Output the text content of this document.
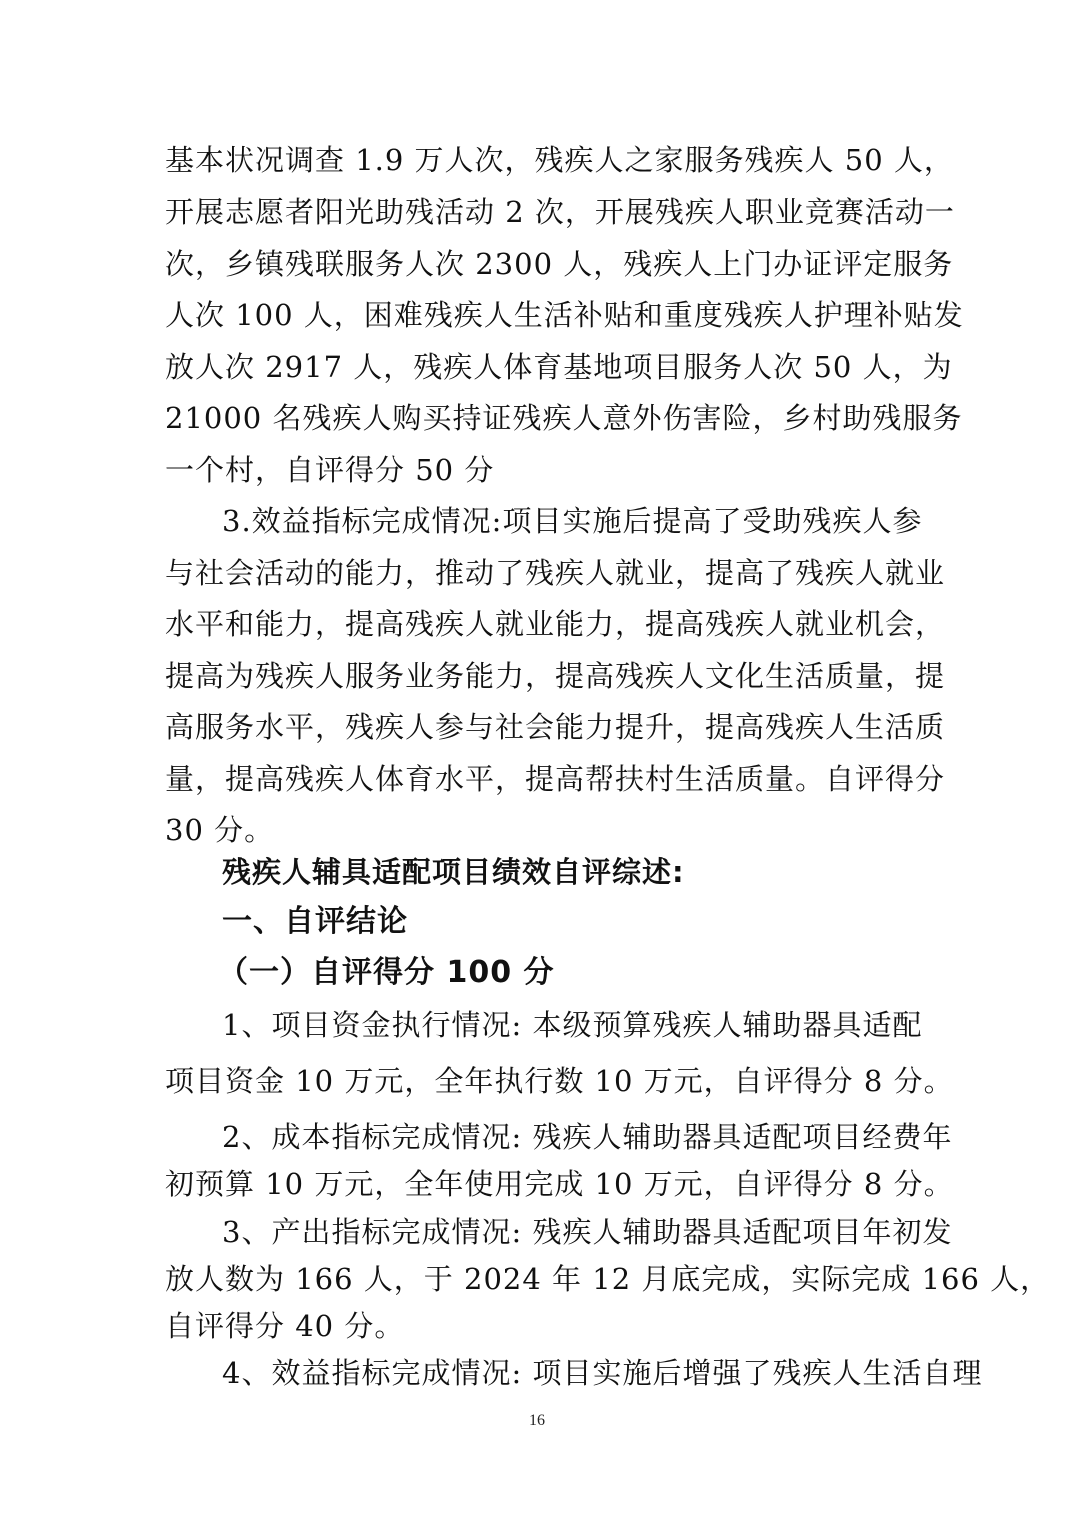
基本状况调查 1.9 万人次，残疾人之家服务残疾人 50 人，
开展志愿者阳光助残活动 2 次，开展残疾人职业竞赛活动一
次，乡镇残联服务人次 2300 人，残疾人上门办证评定服务
人次 100 人，困难残疾人生活补贴和重度残疾人护理补贴发
放人次 2917 人，残疾人体育基地项目服务人次 50 人，为
21000 名残疾人购买持证残疾人意外伤害险，乡村助残服务
一个村，自评得分 50 分
3.效益指标完成情况:项目实施后提高了受助残疾人参
与社会活动的能力，推动了残疾人就业，提高了残疾人就业
水平和能力，提高残疾人就业能力，提高残疾人就业机会，
提高为残疾人服务业务能力，提高残疾人文化生活质量，提
高服务水平，残疾人参与社会能力提升，提高残疾人生活质
量，提高残疾人体育水平，提高帮扶村生活质量。自评得分
30 分。
残疾人辅具适配项目绩效自评综述:
一、自评结论
（一）自评得分 100 分
1、项目资金执行情况: 本级预算残疾人辅助器具适配
项目资金 10 万元，全年执行数 10 万元，自评得分 8 分。
2、成本指标完成情况: 残疾人辅助器具适配项目经费年
初预算 10 万元，全年使用完成 10 万元，自评得分 8 分。
3、产出指标完成情况: 残疾人辅助器具适配项目年初发
放人数为 166 人，于 2024 年 12 月底完成，实际完成 166 人，
自评得分 40 分。
4、效益指标完成情况: 项目实施后增强了残疾人生活自理
16
